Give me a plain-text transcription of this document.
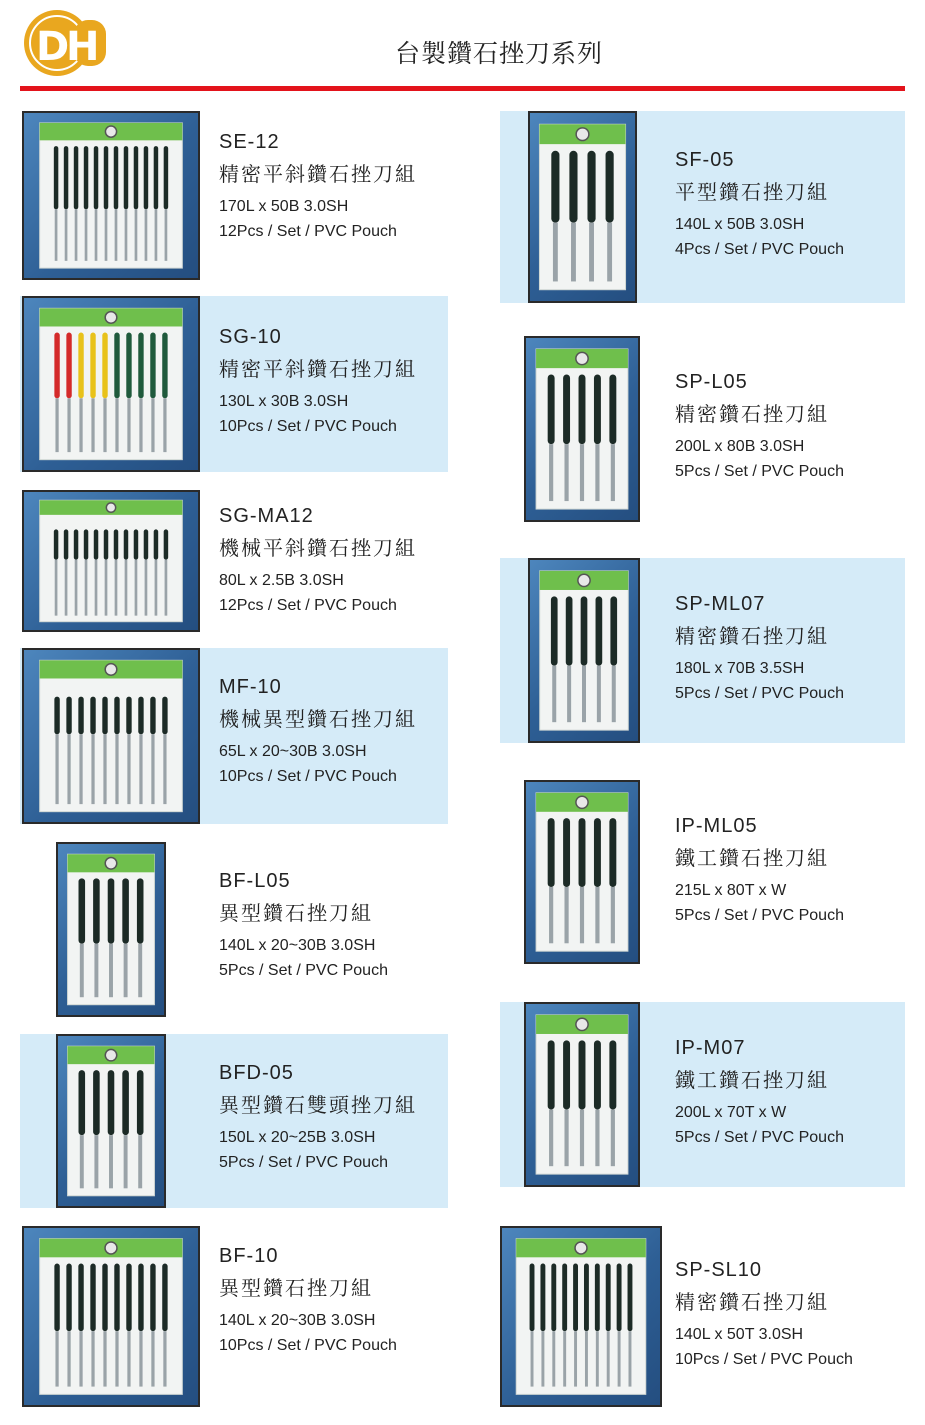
D
H	台製鑽石挫刀系列
SE-12
精密平斜鑽石挫刀組
170L x 50B 3.0SH
12Pcs / Set / PVC Pouch
SF-05
平型鑽石挫刀組
140L x 50B 3.0SH
4Pcs / Set / PVC Pouch
SG-10
精密平斜鑽石挫刀組
130L x 30B 3.0SH
10Pcs / Set / PVC Pouch
SP-L05
精密鑽石挫刀組
200L x 80B 3.0SH
5Pcs / Set / PVC Pouch
SG-MA12
機械平斜鑽石挫刀組
80L x 2.5B 3.0SH
12Pcs / Set / PVC Pouch	SP-ML07
精密鑽石挫刀組
180L x 70B 3.5SH
5Pcs / Set / PVC Pouch
MF-10
機械異型鑽石挫刀組
65L x 20~30B 3.0SH
10Pcs / Set / PVC Pouch
IP-ML05
鐵工鑽石挫刀組
215L x 80T x W
5Pcs / Set / PVC Pouch
BF-L05
異型鑽石挫刀組
140L x 20~30B 3.0SH
5Pcs / Set / PVC Pouch
IP-M07
鐵工鑽石挫刀組
200L x 70T x W
5Pcs / Set / PVC Pouch
BFD-05
異型鑽石雙頭挫刀組
150L x 20~25B 3.0SH
5Pcs / Set / PVC Pouch
BF-10
異型鑽石挫刀組
140L x 20~30B 3.0SH
10Pcs / Set / PVC Pouch
SP-SL10
精密鑽石挫刀組
140L x 50T 3.0SH
10Pcs / Set / PVC Pouch
